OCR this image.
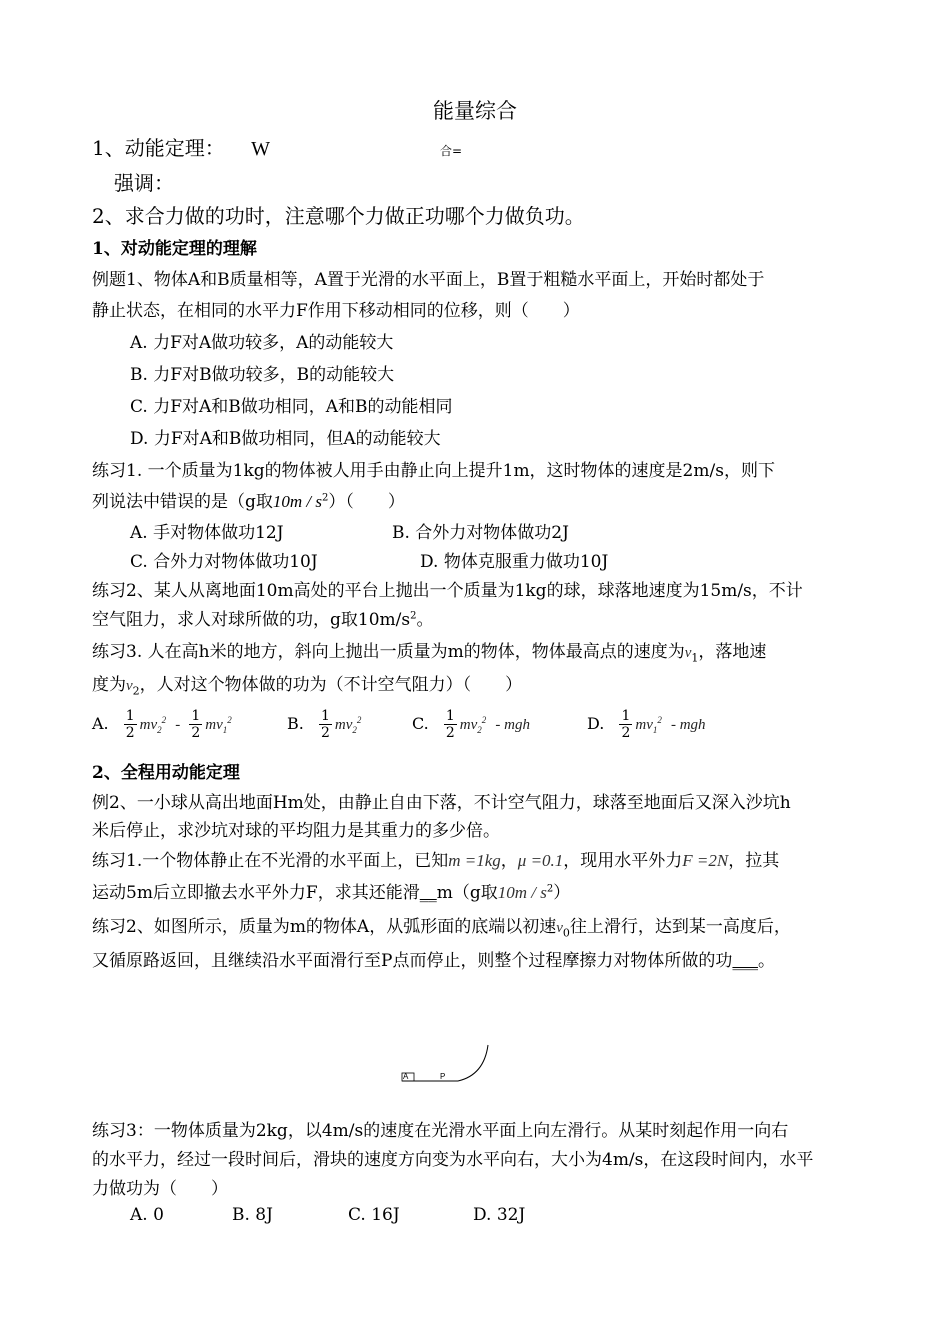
能量综合
1、动能定理： W	合=
强调：
2、求合力做的功时，注意哪个力做正功哪个力做负功。
1、对动能定理的理解
例题1、物体A和B质量相等，A置于光滑的水平面上，B置于粗糙水平面上，开始时都处于
静止状态，在相同的水平力F作用下移动相同的位移，则（　　）
A. 力F对A做功较多，A的动能较大
B. 力F对B做功较多，B的动能较大
C. 力F对A和B做功相同，A和B的动能相同
D. 力F对A和B做功相同，但A的动能较大
练习1. 一个质量为1kg的物体被人用手由静止向上提升1m，这时物体的速度是2m/s，则下
列说法中错误的是（g取$10m / s^2$）（　　）
A. 手对物体做功12J	B. 合外力对物体做功2J
C. 合外力对物体做功10J	D. 物体克服重力做功10J
练习2、某人从离地面10m高处的平台上抛出一个质量为1kg的球，球落地速度为15m/s，不计
空气阻力，求人对球所做的功，g取$10m/s^2$。
练习3. 人在高h米的地方，斜向上抛出一质量为m的物体，物体最高点的速度为$v_1$，落地速
度为$v_2$，人对这个物体做的功为（不计空气阻力）（　　）
A. $\frac{1}{2} mv_2^2 - \frac{1}{2} mv_1^2$	B. $\frac{1}{2} mv_2^2$	C. $\frac{1}{2} mv_2^2$ - mgh	D. $\frac{1}{2} mv_1^2$ - mgh
2、全程用动能定理
例2、一小球从高出地面Hm处，由静止自由下落，不计空气阻力，球落至地面后又深入沙坑h
米后停止，求沙坑对球的平均阻力是其重力的多少倍。
练习1.一个物体静止在不光滑的水平面上，已知m =1kg，μ =0.1，现用水平外力F =2N，拉其
运动5m后立即撤去水平外力F，求其还能滑__m（g取$10m / s^2$）
练习2、如图所示，质量为m的物体A，从弧形面的底端以初速$v_0$往上滑行，达到某一高度后，
又循原路返回，且继续沿水平面滑行至P点而停止，则整个过程摩擦力对物体所做的功___。
A	P
练习3：一物体质量为2kg，以4m/s的速度在光滑水平面上向左滑行。从某时刻起作用一向右
的水平力，经过一段时间后，滑块的速度方向变为水平向右，大小为4m/s，在这段时间内，水平
力做功为（　　）
A. 0	B. 8J	C. 16J	D. 32J
